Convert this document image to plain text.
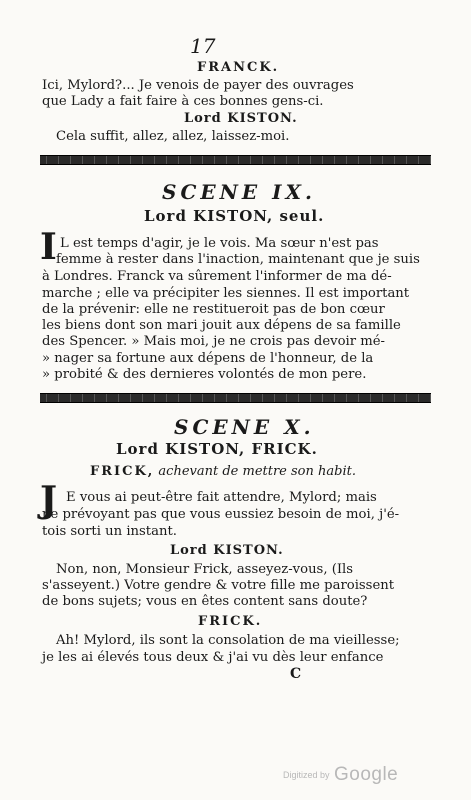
17
FRANCK.
Ici, Mylord?... Je venois de payer des ouvrages
que Lady a fait faire à ces bonnes gens-ci.
Lord KISTON.
Cela suffit, allez, allez, laissez-moi.
SCENE IX.
Lord KISTON, seul.
I L est temps d'agir, je le vois. Ma sœur n'est pas
femme à rester dans l'inaction, maintenant que je suis
à Londres. Franck va sûrement l'informer de ma dé-
marche ; elle va précipiter les siennes. Il est important
de la prévenir: elle ne restitueroit pas de bon cœur
les biens dont son mari jouit aux dépens de sa famille
des Spencer. » Mais moi, je ne crois pas devoir mé-
» nager sa fortune aux dépens de l'honneur, de la
» probité & des dernieres volontés de mon pere.
SCENE X.
Lord KISTON, FRICK.
FRICK, achevant de mettre son habit.
J E vous ai peut-être fait attendre, Mylord; mais
ne prévoyant pas que vous eussiez besoin de moi, j'é-
tois sorti un instant.
Lord KISTON.
Non, non, Monsieur Frick, asseyez-vous, (Ils
s'asseyent.) Votre gendre & votre fille me paroissent
de bons sujets; vous en êtes content sans doute?
FRICK.
Ah! Mylord, ils sont la consolation de ma vieillesse;
je les ai élevés tous deux & j'ai vu dès leur enfance
C
Digitized by Google
